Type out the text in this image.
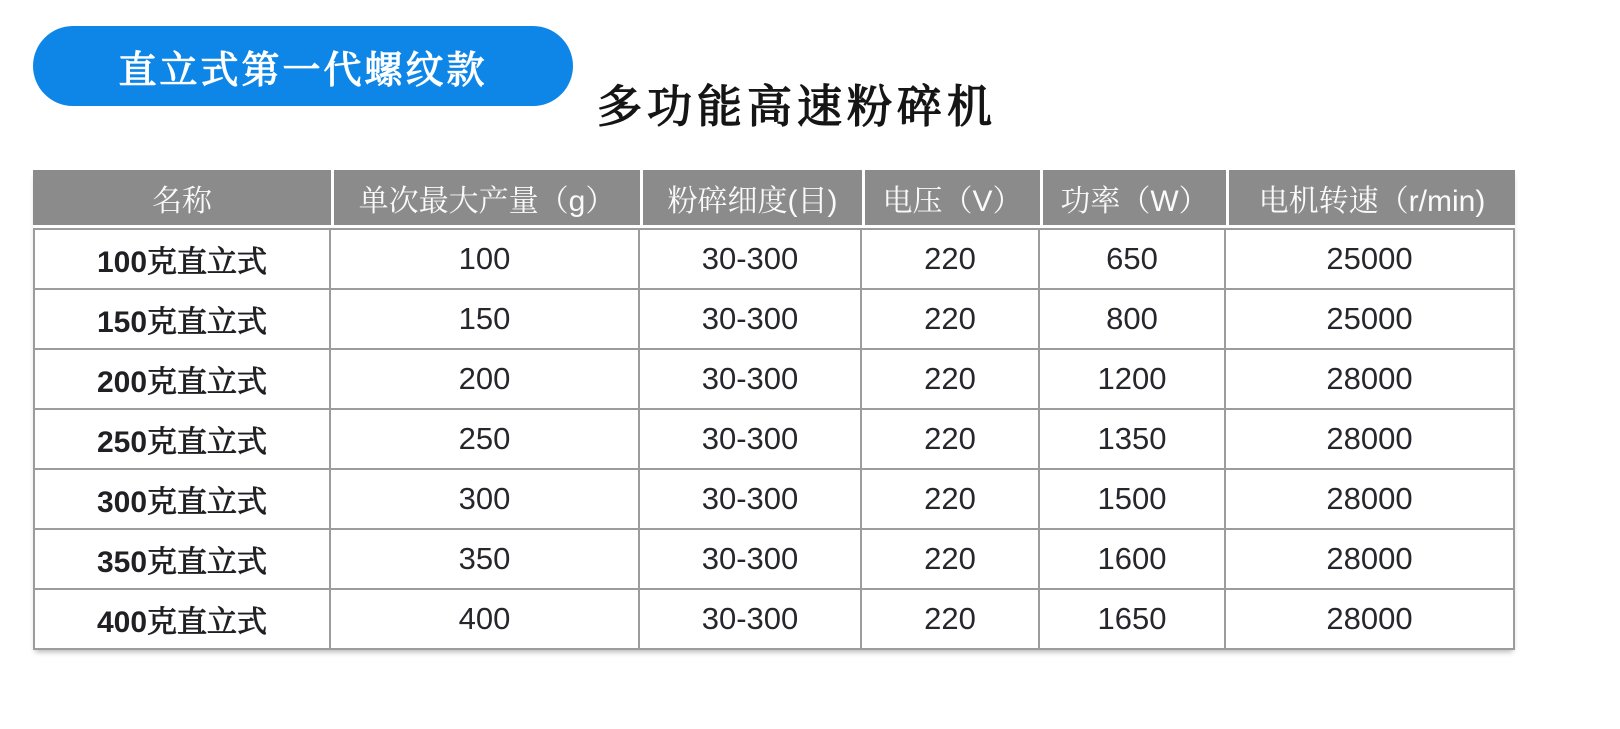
直立式第一代螺纹款
多功能高速粉碎机
名称	单次最大产量（g）	粉碎细度(目)	电压（V）	功率（W）	电机转速（r/min)
100克直立式	100	30-300	220	650	25000
150克直立式	150	30-300	220	800	25000
200克直立式	200	30-300	220	1200	28000
250克直立式	250	30-300	220	1350	28000
300克直立式	300	30-300	220	1500	28000
350克直立式	350	30-300	220	1600	28000
400克直立式	400	30-300	220	1650	28000
